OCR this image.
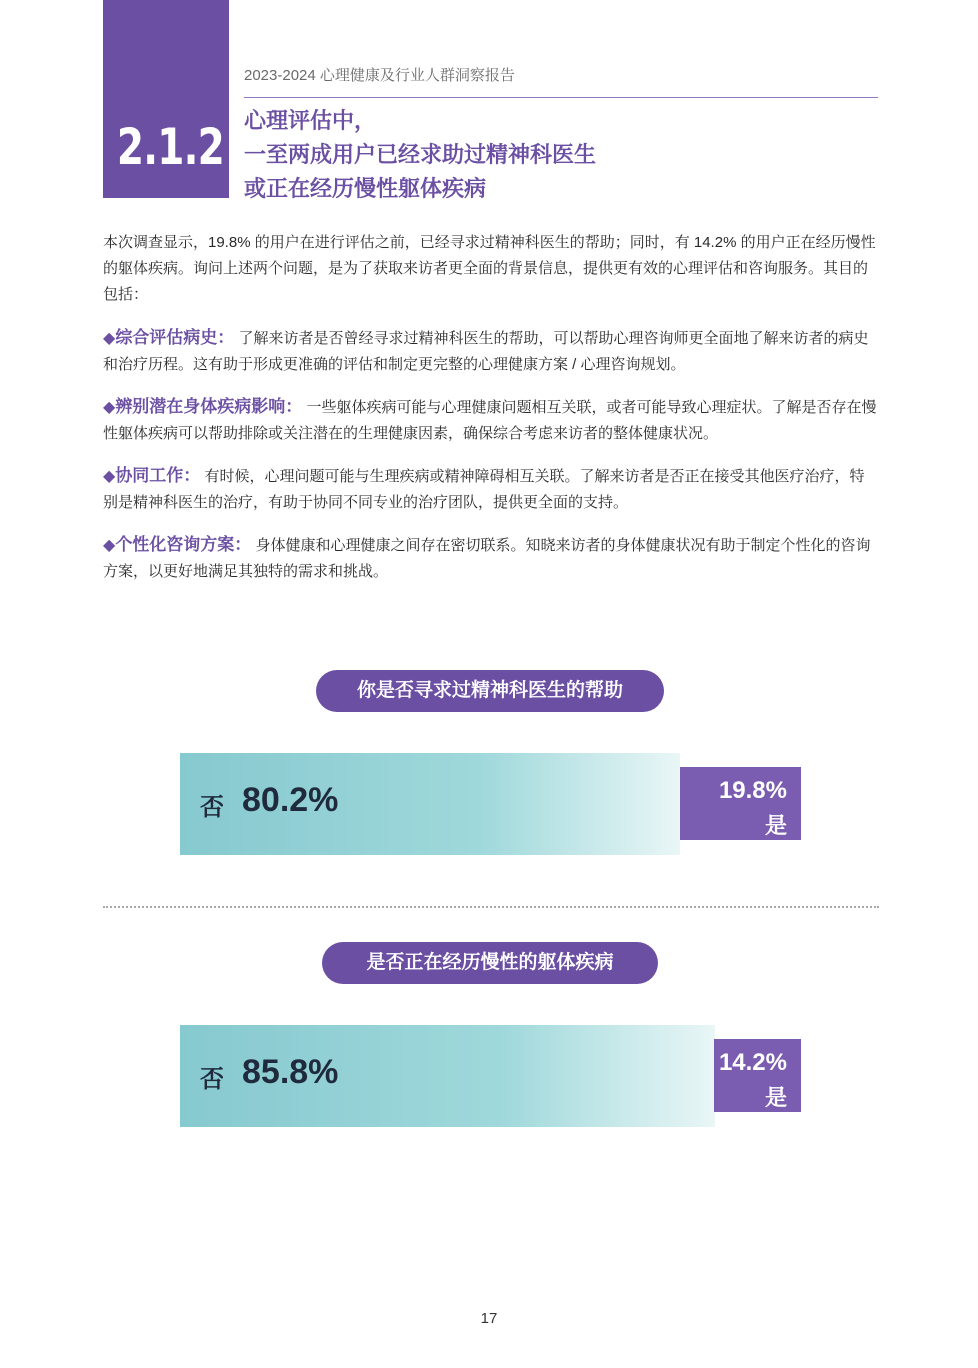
2.1.2
2023-2024 心理健康及行业人群洞察报告
心理评估中，
一至两成用户已经求助过精神科医生
或正在经历慢性躯体疾病

本次调查显示，19.8% 的用户在进行评估之前，已经寻求过精神科医生的帮助；同时，有 14.2% 的用户正在经历慢性的躯体疾病。询问上述两个问题，是为了获取来访者更全面的背景信息，提供更有效的心理评估和咨询服务。其目的包括：

◆综合评估病史： 了解来访者是否曾经寻求过精神科医生的帮助，可以帮助心理咨询师更全面地了解来访者的病史和治疗历程。这有助于形成更准确的评估和制定更完整的心理健康方案 / 心理咨询规划。

◆辨别潜在身体疾病影响： 一些躯体疾病可能与心理健康问题相互关联，或者可能导致心理症状。了解是否存在慢性躯体疾病可以帮助排除或关注潜在的生理健康因素，确保综合考虑来访者的整体健康状况。

◆协同工作： 有时候，心理问题可能与生理疾病或精神障碍相互关联。了解来访者是否正在接受其他医疗治疗，特别是精神科医生的治疗，有助于协同不同专业的治疗团队，提供更全面的支持。

◆个性化咨询方案： 身体健康和心理健康之间存在密切联系。知晓来访者的身体健康状况有助于制定个性化的咨询方案，以更好地满足其独特的需求和挑战。

你是否寻求过精神科医生的帮助
否 80.2%	19.8%
是
是否正在经历慢性的躯体疾病
否 85.8%	14.2%
是
17
